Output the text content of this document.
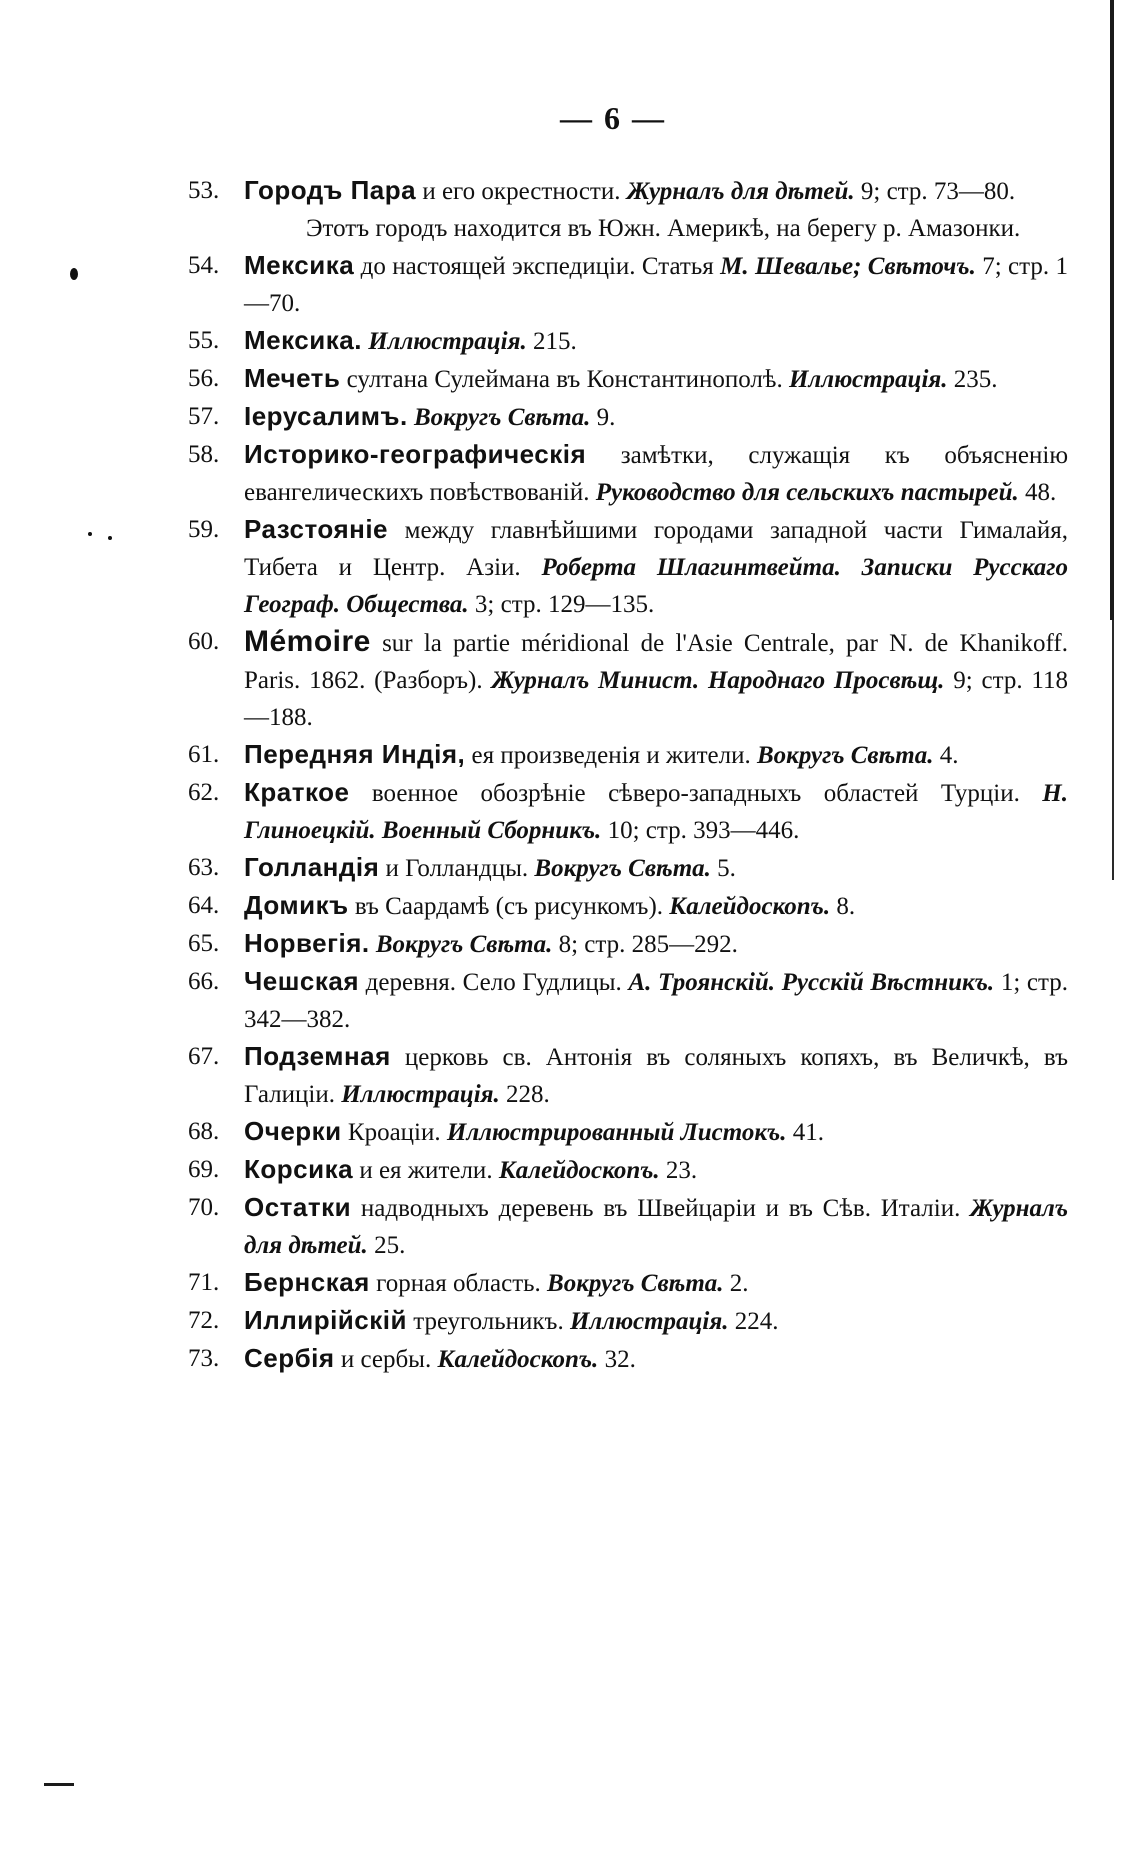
— 6 —
53. Городъ Пара и его окрестности. Журналъ для дѣтей. 9; стр. 73—80.
Этотъ городъ находится въ Южн. Америкѣ, на берегу р. Амазонки.
54. Мексика до настоящей экспедиціи. Статья М. Шевалье; Свѣточъ. 7; стр. 1—70.
55. Мексика. Иллюстрація. 215.
56. Мечеть султана Сулеймана въ Константинополѣ. Иллюстрація. 235.
57. Іерусалимъ. Вокругъ Свѣта. 9.
58. Историко-географическія замѣтки, служащія къ объясненію евангелическихъ повѣствованій. Руководство для сельскихъ пастырей. 48.
59. Разстояніе между главнѣйшими городами западной части Гималайя, Тибета и Центр. Азіи. Роберта Шлагинтвейта. Записки Русскаго Географ. Общества. 3; стр. 129—135.
60. Mémoire sur la partie méridional de l'Asie Centrale, par N. de Khanikoff. Paris. 1862. (Разборъ). Журналъ Минист. Народнаго Просвѣщ. 9; стр. 118—188.
61. Передняя Индія, ея произведенія и жители. Вокругъ Свѣта. 4.
62. Краткое военное обозрѣніе сѣверо-западныхъ областей Турціи. Н. Глиноецкій. Военный Сборникъ. 10; стр. 393—446.
63. Голландія и Голландцы. Вокругъ Свѣта. 5.
64. Домикъ въ Саардамѣ (съ рисункомъ). Калейдоскопъ. 8.
65. Норвегія. Вокругъ Свѣта. 8; стр. 285—292.
66. Чешская деревня. Село Гудлицы. А. Троянскій. Русскій Вѣстникъ. 1; стр. 342—382.
67. Подземная церковь св. Антонія въ соляныхъ копяхъ, въ Величкѣ, въ Галиціи. Иллюстрація. 228.
68. Очерки Кроаціи. Иллюстрированный Листокъ. 41.
69. Корсика и ея жители. Калейдоскопъ. 23.
70. Остатки надводныхъ деревень въ Швейцаріи и въ Сѣв. Италіи. Журналъ для дѣтей. 25.
71. Бернская горная область. Вокругъ Свѣта. 2.
72. Иллирійскій треугольникъ. Иллюстрація. 224.
73. Сербія и сербы. Калейдоскопъ. 32.
